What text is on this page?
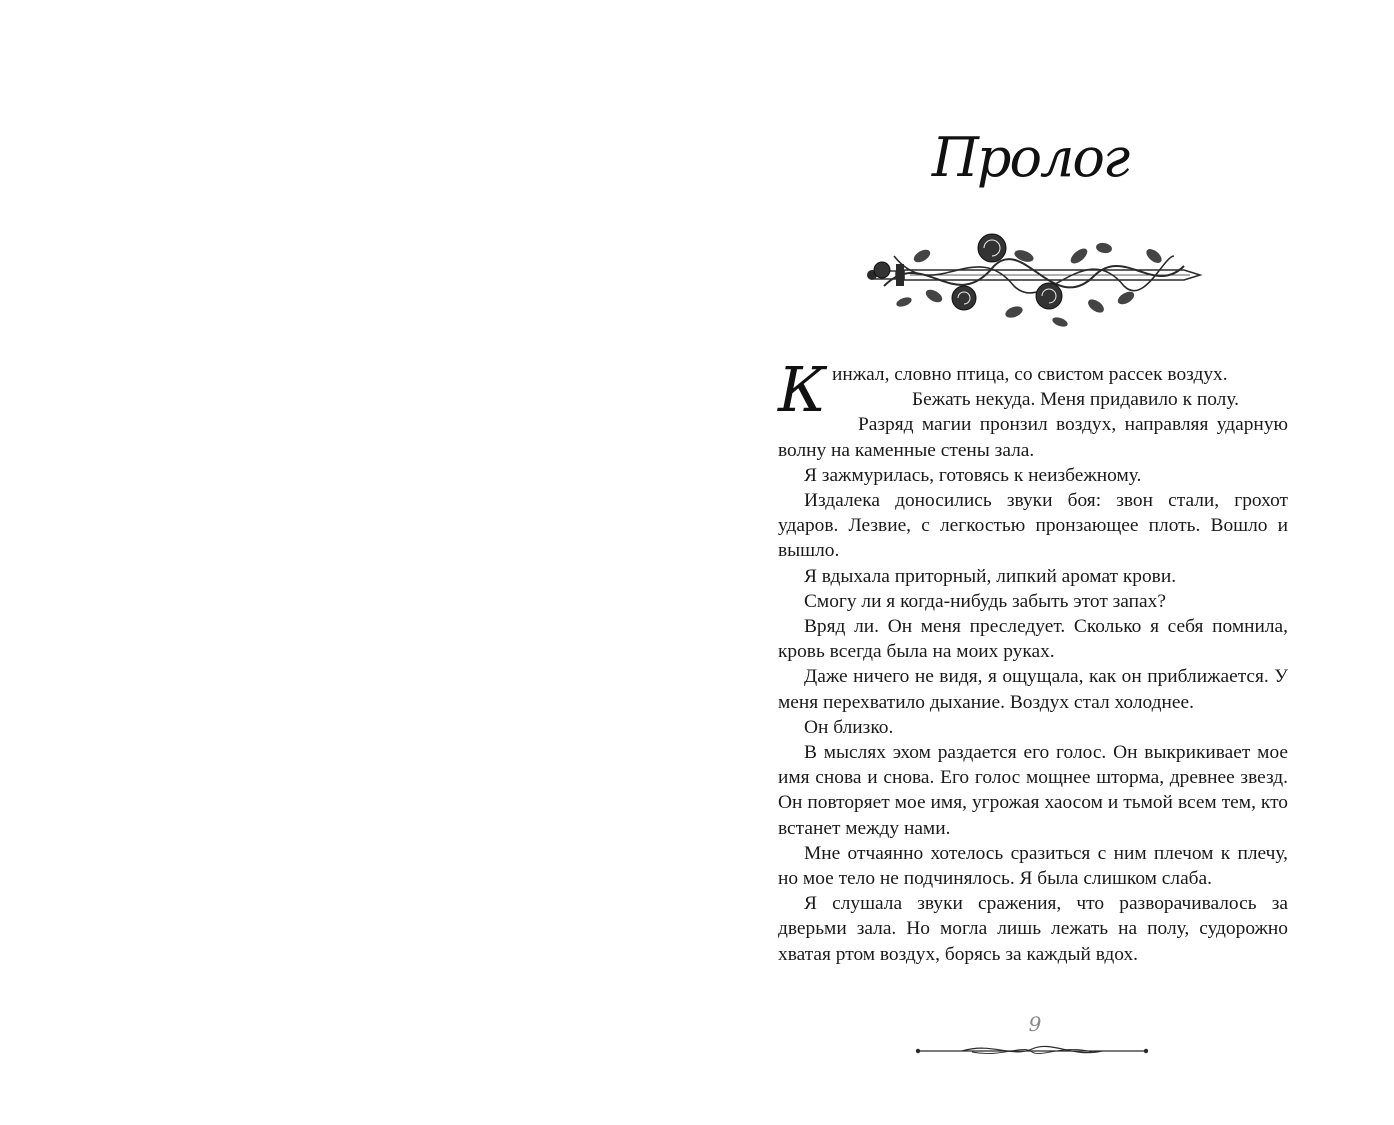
Пролог

Кинжал, словно птица, со свистом рассек воздух.

Бежать некуда. Меня придавило к полу.

Разряд магии пронзил воздух, направляя ударную волну на каменные стены зала.

Я зажмурилась, готовясь к неизбежному.

Издалека доносились звуки боя: звон стали, грохот ударов. Лезвие, с легкостью пронзающее плоть. Вошло и вышло.

Я вдыхала приторный, липкий аромат крови.

Смогу ли я когда-нибудь забыть этот запах?

Вряд ли. Он меня преследует. Сколько я себя помнила, кровь всегда была на моих руках.

Даже ничего не видя, я ощущала, как он приближается. У меня перехватило дыхание. Воздух стал холоднее.

Он близко.

В мыслях эхом раздается его голос. Он выкрикивает мое имя снова и снова. Его голос мощнее шторма, древнее звезд. Он повторяет мое имя, угрожая хаосом и тьмой всем тем, кто встанет между нами.

Мне отчаянно хотелось сразиться с ним плечом к плечу, но мое тело не подчинялось. Я была слишком слаба.

Я слушала звуки сражения, что разворачивалось за дверьми зала. Но могла лишь лежать на полу, судорожно хватая ртом воздух, борясь за каждый вдох.

9
